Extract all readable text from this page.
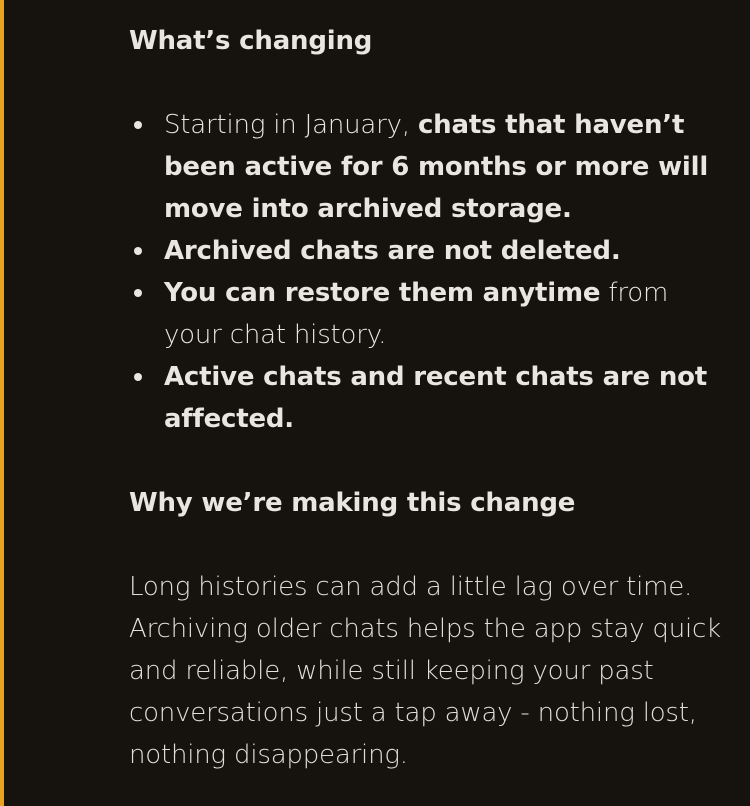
What’s changing
Starting in January, chats that haven’t been active for 6 months or more will move into archived storage.
Archived chats are not deleted.
You can restore them anytime from your chat history.
Active chats and recent chats are not affected.
Why we’re making this change

Long histories can add a little lag over time. Archiving older chats helps the app stay quick and reliable, while still keeping your past conversations just a tap away - nothing lost, nothing disappearing.
